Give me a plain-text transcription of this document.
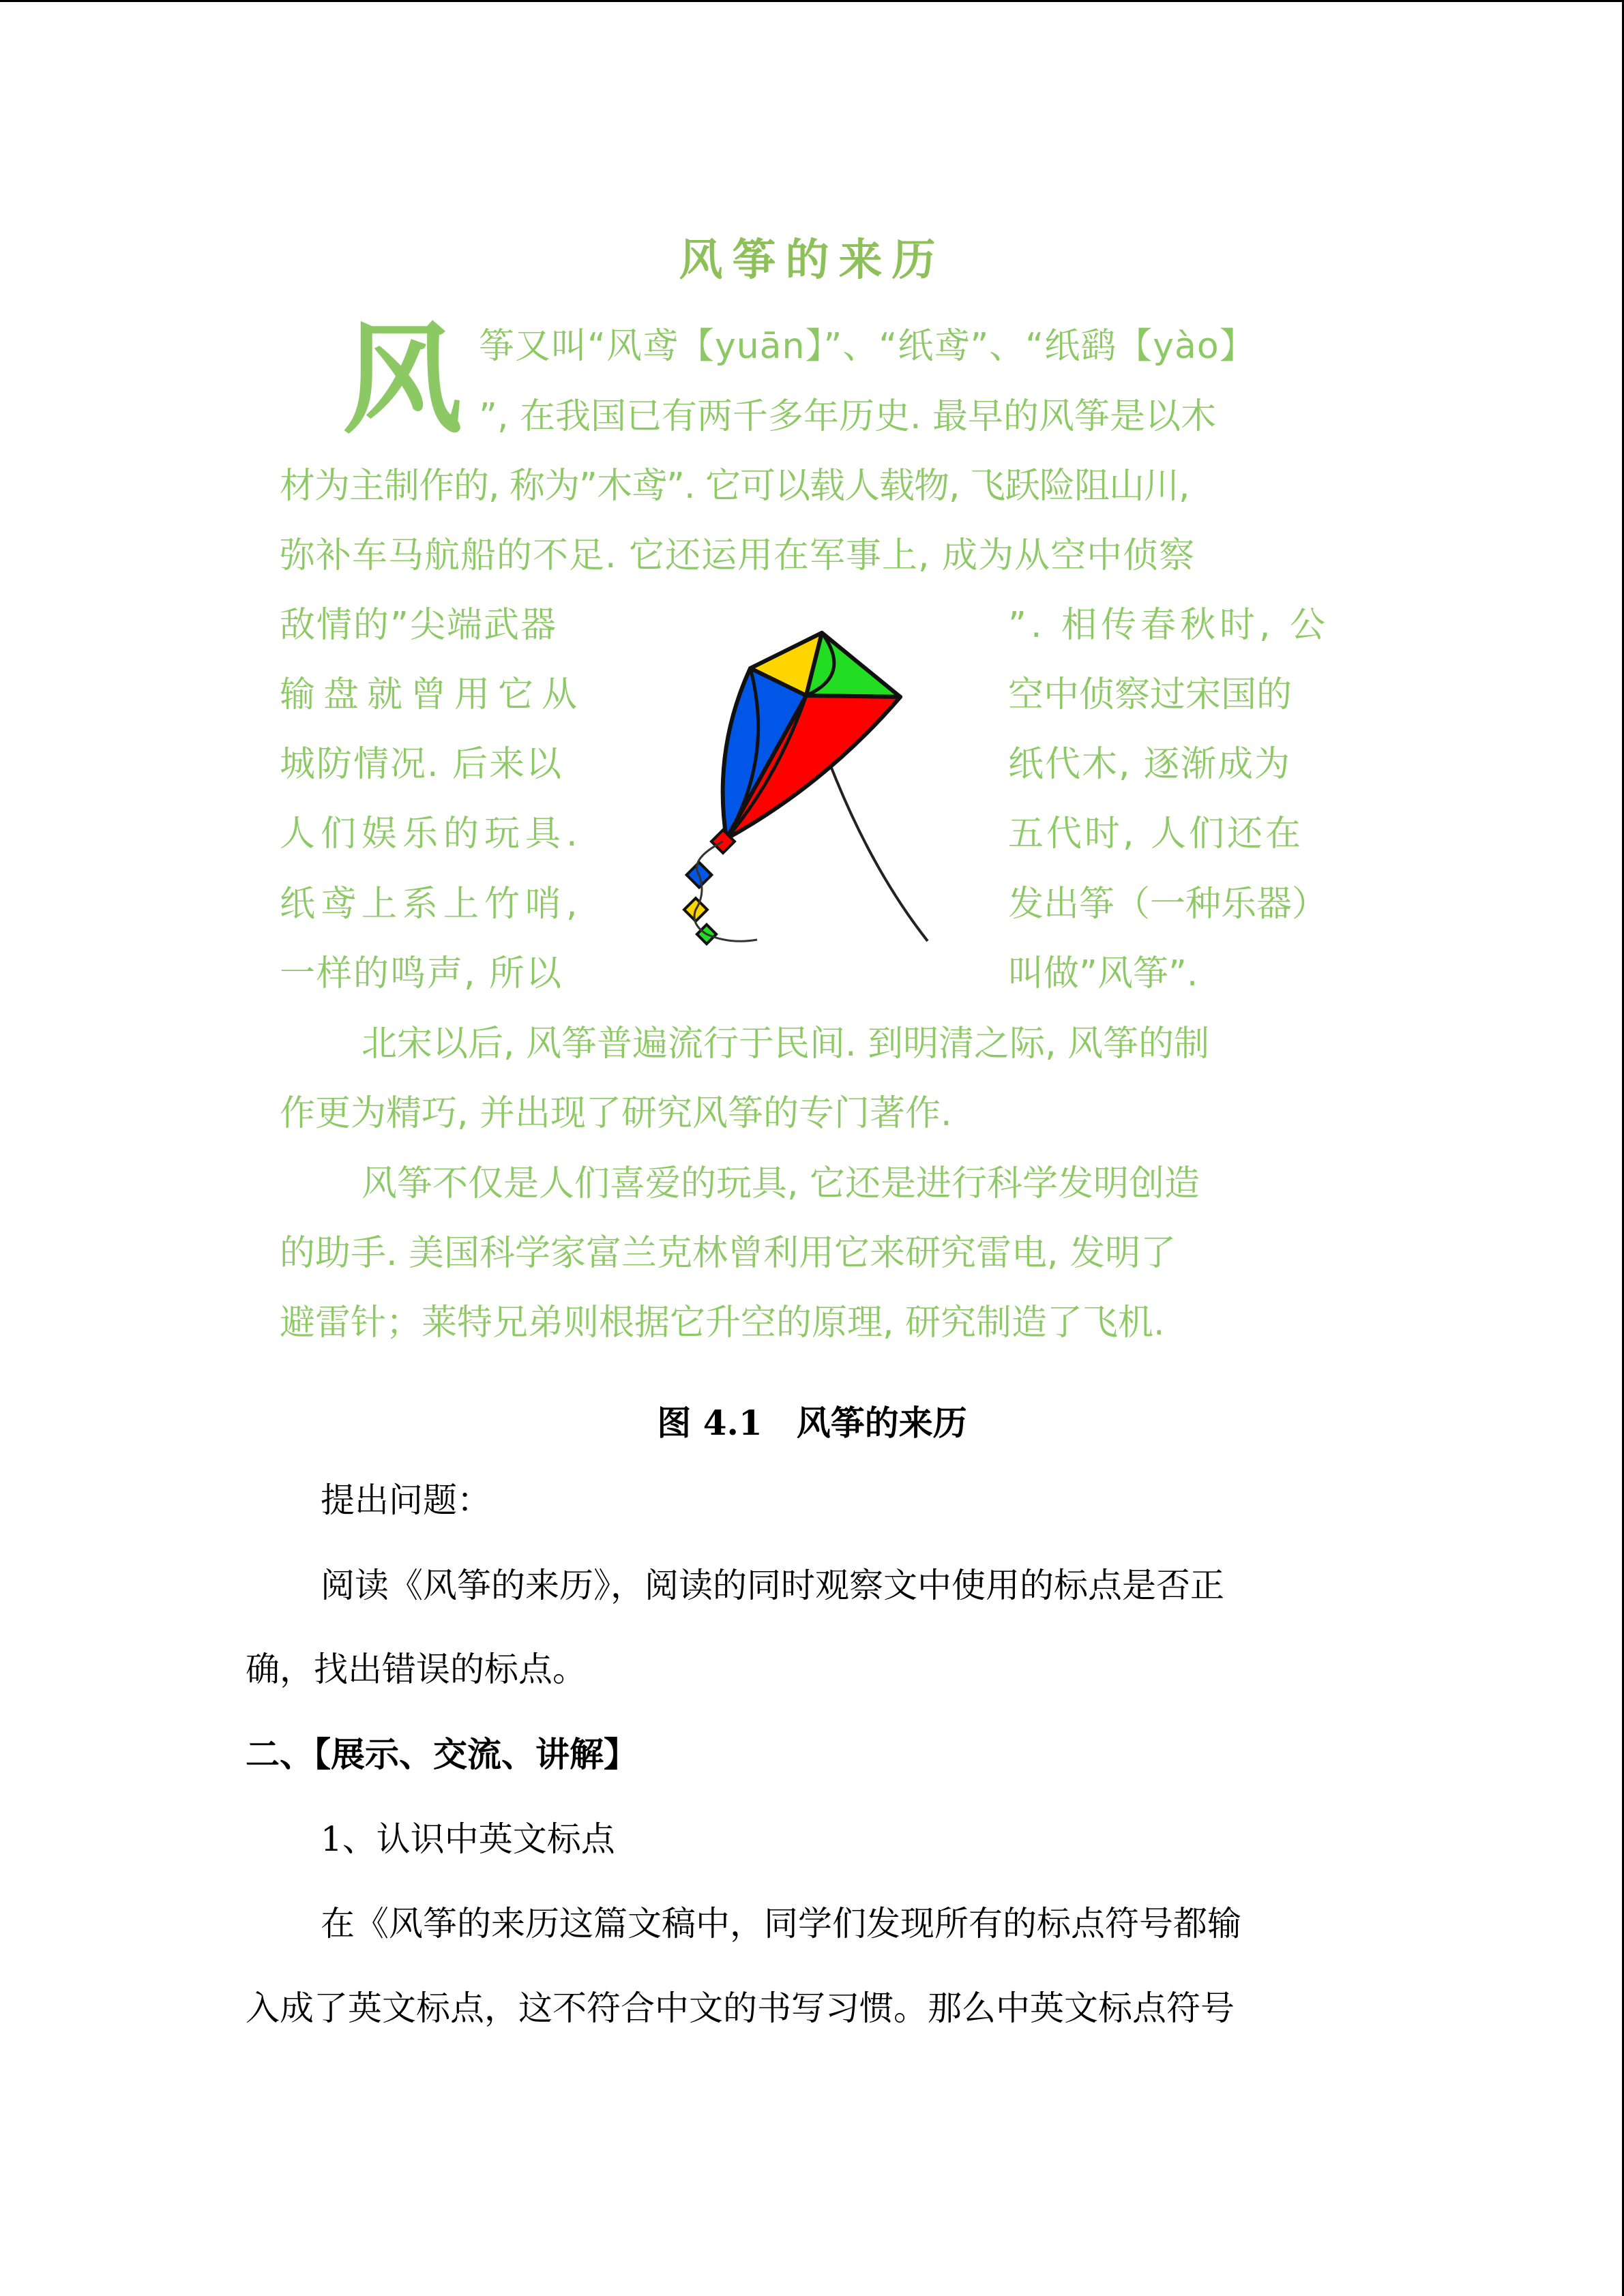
风筝的来历
风 筝又叫“风鸢【yuān】”、“纸鸢”、“纸鹞【yào】
”, 在我国已有两千多年历史. 最早的风筝是以木
材为主制作的, 称为”木鸢”. 它可以载人载物, 飞跃险阻山川,
弥补车马航船的不足. 它还运用在军事上, 成为从空中侦察
敌情的”尖端武器	”. 相传春秋时, 公
输盘就曾用它从	空中侦察过宋国的
城防情况. 后来以	纸代木, 逐渐成为
人们娱乐的玩具.	五代时, 人们还在
纸鸢上系上竹哨,	发出筝（一种乐器）
一样的鸣声, 所以	叫做”风筝”.
北宋以后, 风筝普遍流行于民间. 到明清之际, 风筝的制
作更为精巧, 并出现了研究风筝的专门著作.
风筝不仅是人们喜爱的玩具, 它还是进行科学发明创造
的助手. 美国科学家富兰克林曾利用它来研究雷电, 发明了
避雷针；莱特兄弟则根据它升空的原理, 研究制造了飞机.
图 4.1　风筝的来历
提出问题：
阅读《风筝的来历》，阅读的同时观察文中使用的标点是否正
确，找出错误的标点。
二、【展示、交流、讲解】
1、认识中英文标点
在《风筝的来历这篇文稿中，同学们发现所有的标点符号都输
入成了英文标点，这不符合中文的书写习惯。那么中英文标点符号
